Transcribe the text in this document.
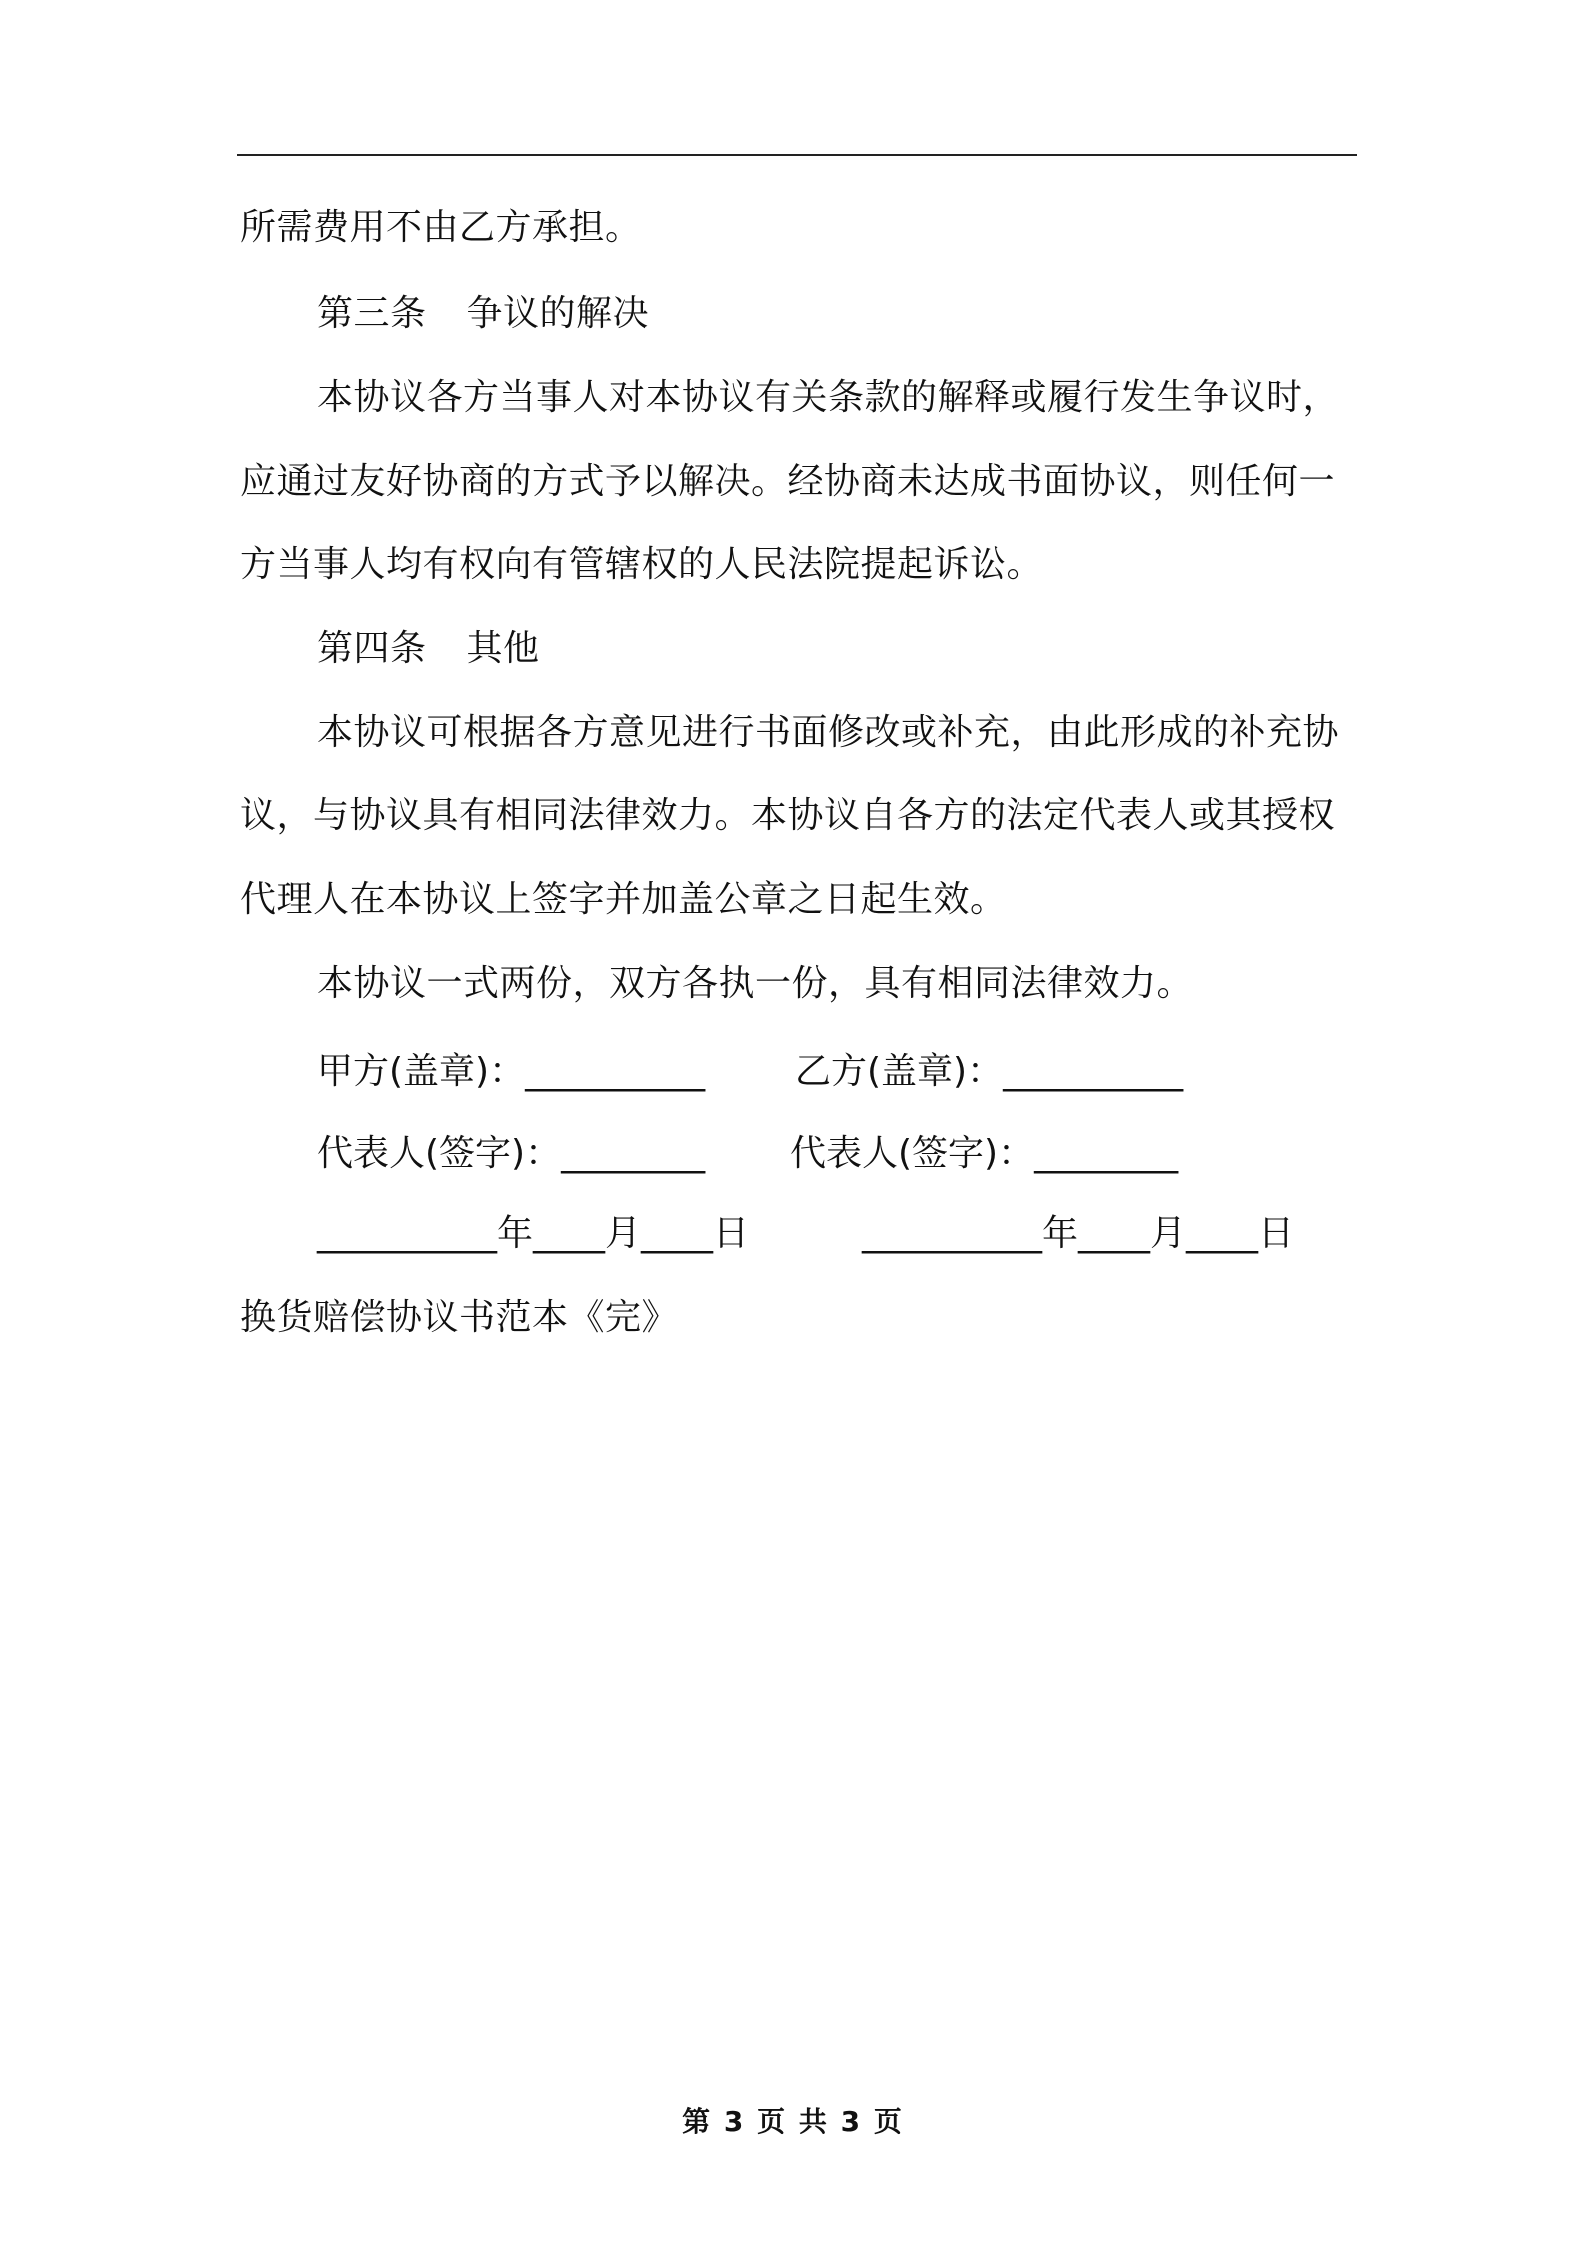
所需费用不由乙方承担。
第三条 争议的解决
本协议各方当事人对本协议有关条款的解释或履行发生争议时，
应通过友好协商的方式予以解决。经协商未达成书面协议，则任何一
方当事人均有权向有管辖权的人民法院提起诉讼。
第四条 其他
本协议可根据各方意见进行书面修改或补充，由此形成的补充协
议，与协议具有相同法律效力。本协议自各方的法定代表人或其授权
代理人在本协议上签字并加盖公章之日起生效。
本协议一式两份，双方各执一份，具有相同法律效力。
甲方(盖章)：__________ 乙方(盖章)：__________
代表人(签字)：________ 代表人(签字)：________
__________年____月____日	__________年____月____日
换货赔偿协议书范本《完》
第 3 页 共 3 页
